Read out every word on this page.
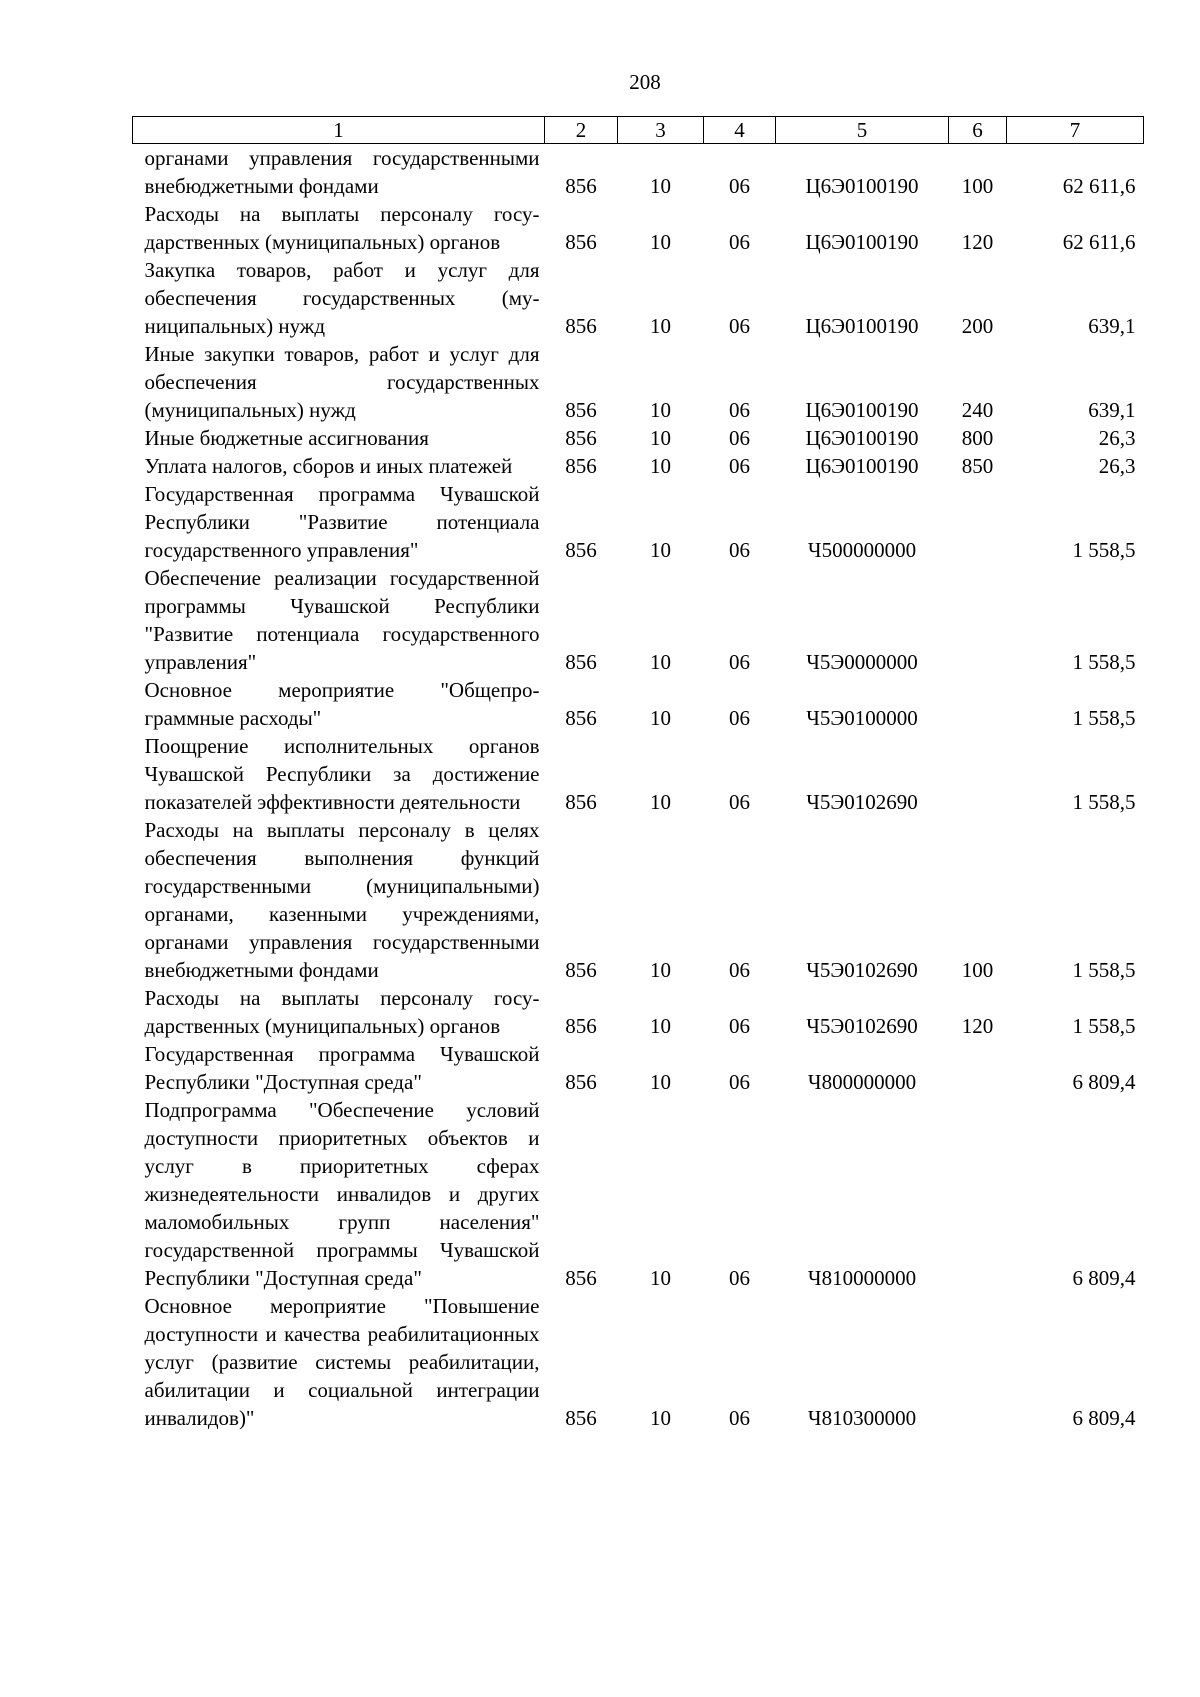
208
1	2	3	4	5	6	7
органами управления государственными внебюджетными фондами	856	10	06	Ц6Э0100190	100	62 611,6
Расходы на выплаты персоналу государственных (муниципальных) органов	856	10	06	Ц6Э0100190	120	62 611,6
Закупка товаров, работ и услуг для обеспечения государственных (муниципальных) нужд	856	10	06	Ц6Э0100190	200	639,1
Иные закупки товаров, работ и услуг для обеспечения государственных (муниципальных) нужд	856	10	06	Ц6Э0100190	240	639,1
Иные бюджетные ассигнования	856	10	06	Ц6Э0100190	800	26,3
Уплата налогов, сборов и иных платежей	856	10	06	Ц6Э0100190	850	26,3
Государственная программа Чувашской Республики "Развитие потенциала государственного управления"	856	10	06	Ч500000000		1 558,5
Обеспечение реализации государственной программы Чувашской Республики "Развитие потенциала государственного управления"	856	10	06	Ч5Э0000000		1 558,5
Основное мероприятие "Общепрограммные расходы"	856	10	06	Ч5Э0100000		1 558,5
Поощрение исполнительных органов Чувашской Республики за достижение показателей эффективности деятельности	856	10	06	Ч5Э0102690		1 558,5
Расходы на выплаты персоналу в целях обеспечения выполнения функций государственными (муниципальными) органами, казенными учреждениями, органами управления государственными внебюджетными фондами	856	10	06	Ч5Э0102690	100	1 558,5
Расходы на выплаты персоналу государственных (муниципальных) органов	856	10	06	Ч5Э0102690	120	1 558,5
Государственная программа Чувашской Республики "Доступная среда"	856	10	06	Ч800000000		6 809,4
Подпрограмма "Обеспечение условий доступности приоритетных объектов и услуг в приоритетных сферах жизнедеятельности инвалидов и других маломобильных групп населения" государственной программы Чувашской Республики "Доступная среда"	856	10	06	Ч810000000		6 809,4
Основное мероприятие "Повышение доступности и качества реабилитационных услуг (развитие системы реабилитации, абилитации и социальной интеграции инвалидов)"	856	10	06	Ч810300000		6 809,4
